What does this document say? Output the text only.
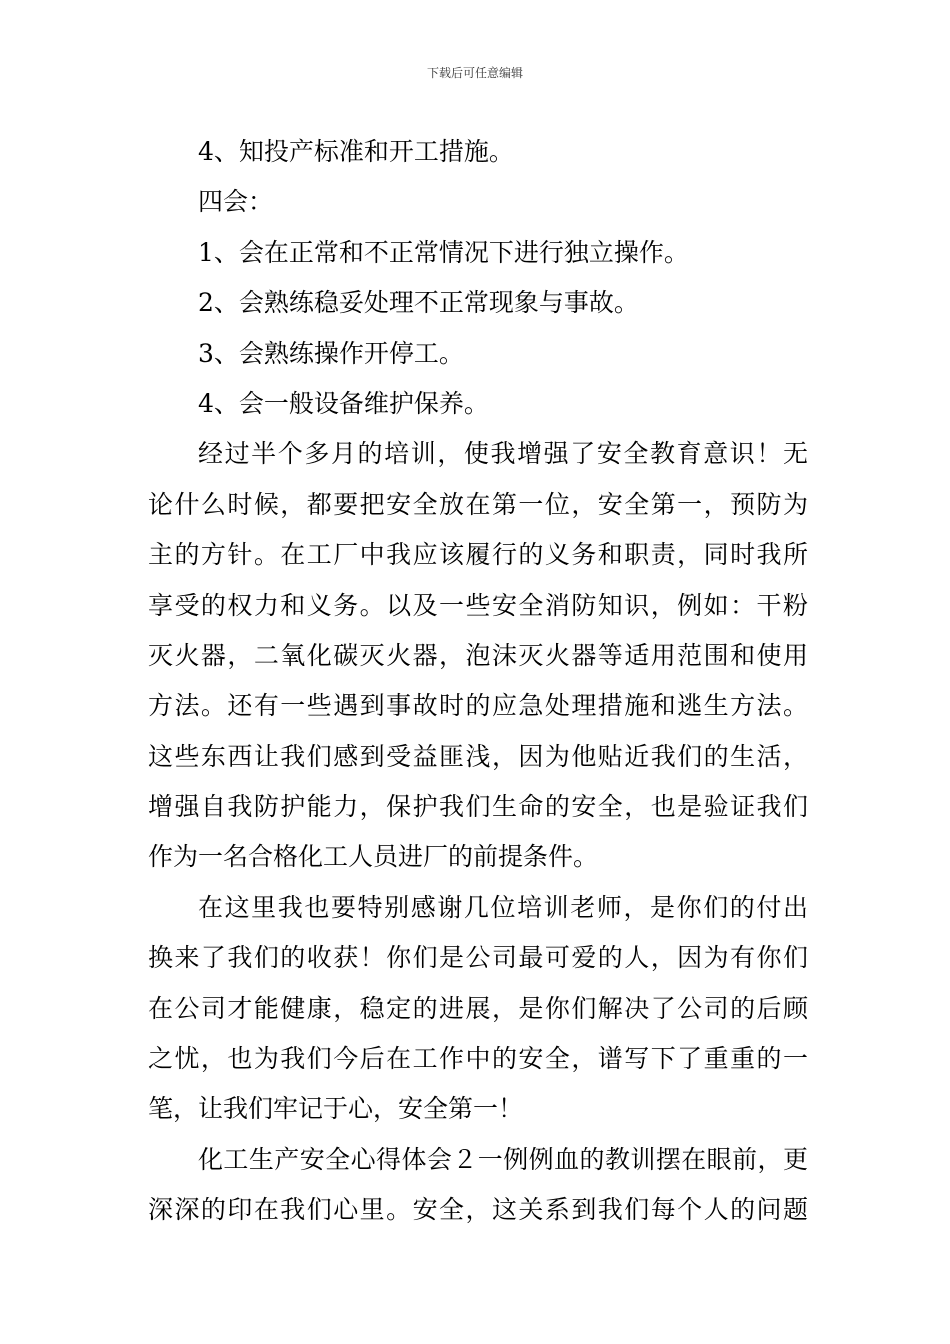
下载后可任意编辑
4、知投产标准和开工措施。
四会：
1、会在正常和不正常情况下进行独立操作。
2、会熟练稳妥处理不正常现象与事故。
3、会熟练操作开停工。
4、会一般设备维护保养。
经过半个多月的培训，使我增强了安全教育意识！无
论什么时候，都要把安全放在第一位，安全第一，预防为
主的方针。在工厂中我应该履行的义务和职责，同时我所
享受的权力和义务。以及一些安全消防知识，例如：干粉
灭火器，二氧化碳灭火器，泡沫灭火器等适用范围和使用
方法。还有一些遇到事故时的应急处理措施和逃生方法。
这些东西让我们感到受益匪浅，因为他贴近我们的生活，
增强自我防护能力，保护我们生命的安全，也是验证我们
作为一名合格化工人员进厂的前提条件。
在这里我也要特别感谢几位培训老师，是你们的付出
换来了我们的收获！你们是公司最可爱的人，因为有你们
在公司才能健康，稳定的进展，是你们解决了公司的后顾
之忧，也为我们今后在工作中的安全，谱写下了重重的一
笔，让我们牢记于心，安全第一！
化工生产安全心得体会２一例例血的教训摆在眼前，更
深深的印在我们心里。安全，这关系到我们每个人的问题
